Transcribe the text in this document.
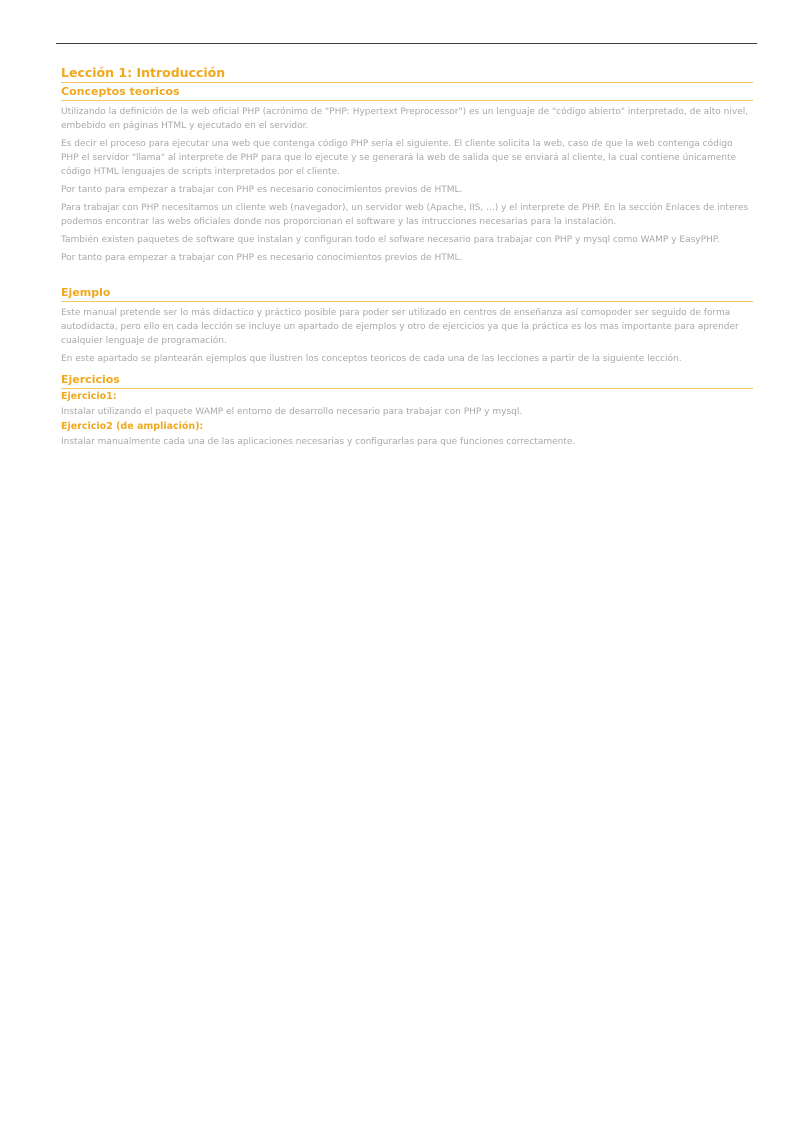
Lección 1: Introducción
Conceptos teoricos

Utilizando la definición de la web oficial PHP (acrónimo de "PHP: Hypertext Preprocessor") es un lenguaje de "código abierto" interpretado, de alto nivel, embebido en páginas HTML y ejecutado en el servidor.

Es decir el proceso para ejecutar una web que contenga código PHP sería el siguiente. El cliente solicita la web, caso de que la web contenga código PHP el servidor "llama" al interprete de PHP para que lo ejecute y se generará la web de salida que se enviará al cliente, la cual contiene únicamente código HTML lenguajes de scripts interpretados por el cliente.

Por tanto para empezar a trabajar con PHP es necesario conocimientos previos de HTML.

Para trabajar con PHP necesitamos un cliente web (navegador), un servidor web (Apache, IIS, ...) y el interprete de PHP. En la sección Enlaces de interes podemos encontrar las webs oficiales donde nos proporcionan el software y las intrucciones necesarias para la instalación.

También existen paquetes de software que instalan y configuran todo el sofware necesario para trabajar con PHP y mysql como WAMP y EasyPHP.

Por tanto para empezar a trabajar con PHP es necesario conocimientos previos de HTML.

Ejemplo

Este manual pretende ser lo más didactico y práctico posible para poder ser utilizado en centros de enseñanza así comopoder ser seguido de forma autodidacta, pero ello en cada lección se incluye un apartado de ejemplos y otro de ejercicios ya que la práctica es los mas importante para aprender cualquier lenguaje de programación.

En este apartado se plantearán ejemplos que ilustren los conceptos teoricos de cada una de las lecciones a partir de la siguiente lección.

Ejercicios
Ejercicio1:

Instalar utilizando el paquete WAMP el entorno de desarrollo necesario para trabajar con PHP y mysql.

Ejercicio2 (de ampliación):

Instalar manualmente cada una de las aplicaciones necesarias y configurarlas para que funciones correctamente.
